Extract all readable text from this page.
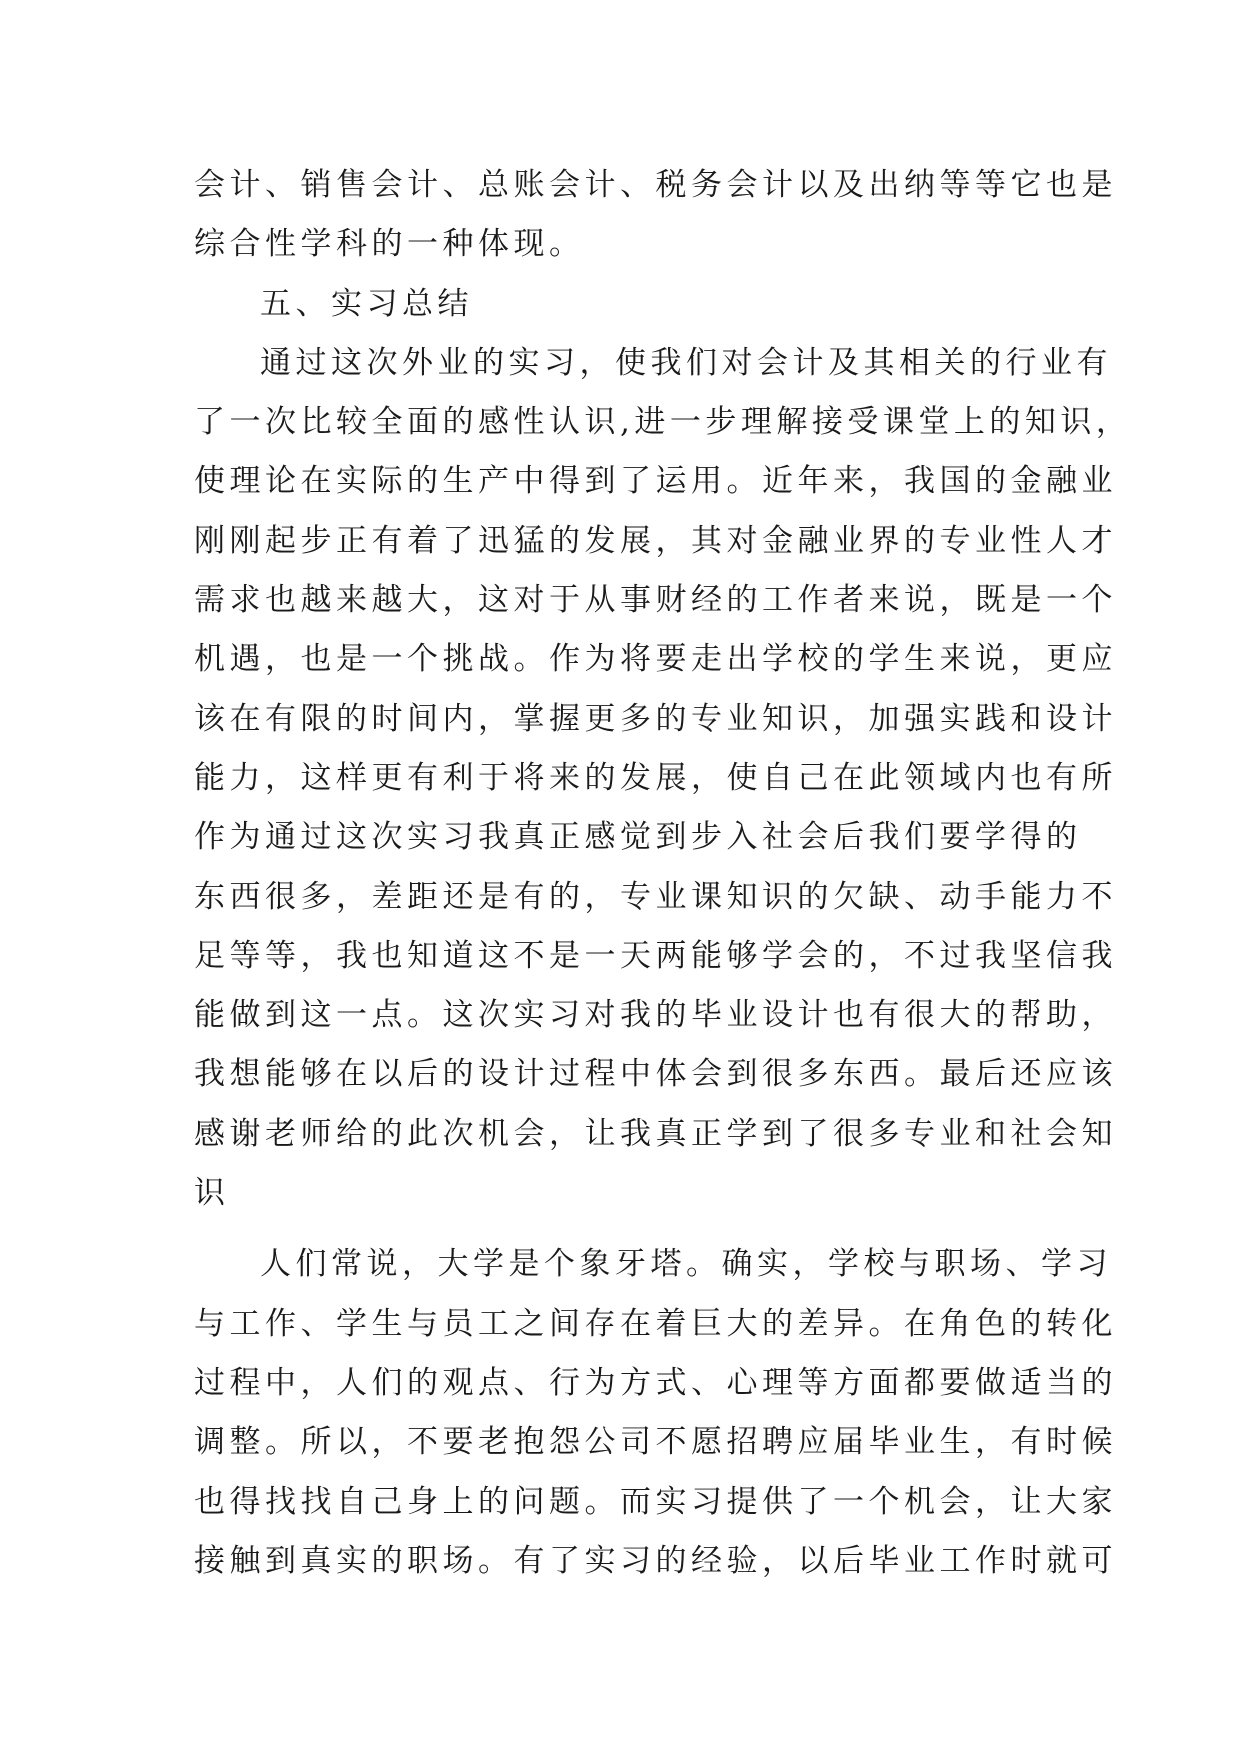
会计、销售会计、总账会计、税务会计以及出纳等等它也是
综合性学科的一种体现。
五、实习总结
通过这次外业的实习，使我们对会计及其相关的行业有
了一次比较全面的感性认识,进一步理解接受课堂上的知识，
使理论在实际的生产中得到了运用。近年来，我国的金融业
刚刚起步正有着了迅猛的发展，其对金融业界的专业性人才
需求也越来越大，这对于从事财经的工作者来说，既是一个
机遇，也是一个挑战。作为将要走出学校的学生来说，更应
该在有限的时间内，掌握更多的专业知识，加强实践和设计
能力，这样更有利于将来的发展，使自己在此领域内也有所
作为通过这次实习我真正感觉到步入社会后我们要学得的
东西很多，差距还是有的，专业课知识的欠缺、动手能力不
足等等，我也知道这不是一天两能够学会的，不过我坚信我
能做到这一点。这次实习对我的毕业设计也有很大的帮助，
我想能够在以后的设计过程中体会到很多东西。最后还应该
感谢老师给的此次机会，让我真正学到了很多专业和社会知
识
人们常说，大学是个象牙塔。确实，学校与职场、学习
与工作、学生与员工之间存在着巨大的差异。在角色的转化
过程中，人们的观点、行为方式、心理等方面都要做适当的
调整。所以，不要老抱怨公司不愿招聘应届毕业生，有时候
也得找找自己身上的问题。而实习提供了一个机会，让大家
接触到真实的职场。有了实习的经验，以后毕业工作时就可
